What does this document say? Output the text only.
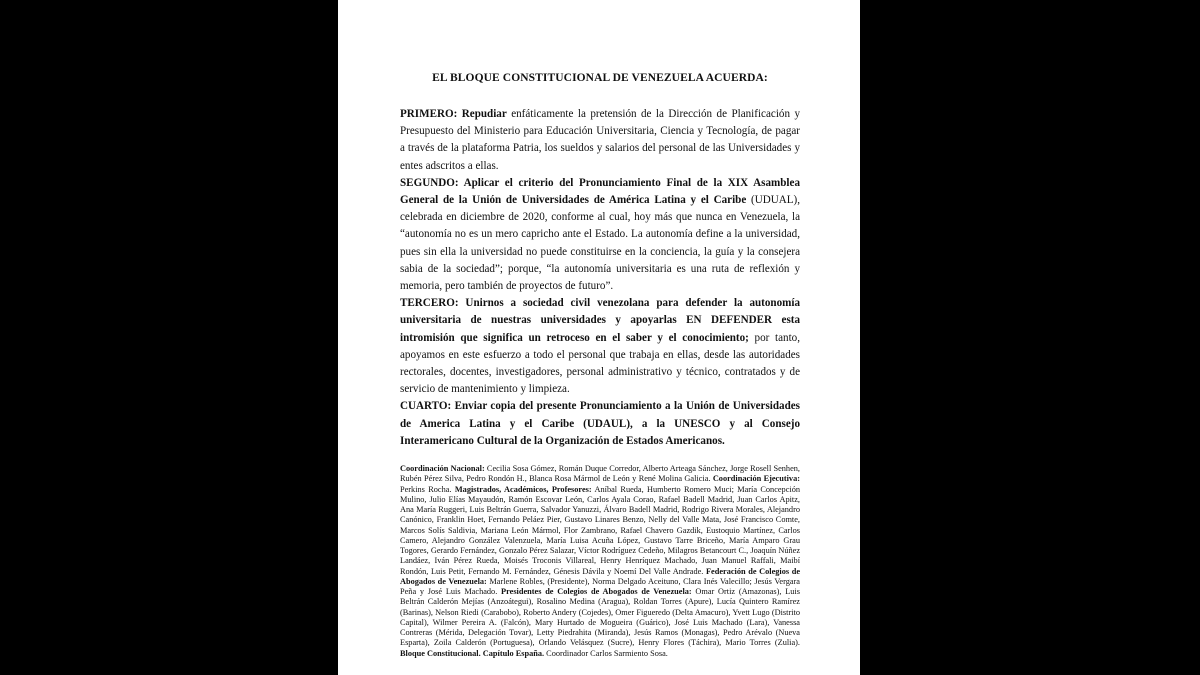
EL BLOQUE CONSTITUCIONAL DE VENEZUELA ACUERDA:

PRIMERO: Repudiar enfáticamente la pretensión de la Dirección de Planificación y Presupuesto del Ministerio para Educación Universitaria, Ciencia y Tecnología, de pagar a través de la plataforma Patria, los sueldos y salarios del personal de las Universidades y entes adscritos a ellas.

SEGUNDO: Aplicar el criterio del Pronunciamiento Final de la XIX Asamblea General de la Unión de Universidades de América Latina y el Caribe (UDUAL), celebrada en diciembre de 2020, conforme al cual, hoy más que nunca en Venezuela, la “autonomía no es un mero capricho ante el Estado. La autonomía define a la universidad, pues sin ella la universidad no puede constituirse en la conciencia, la guía y la consejera sabia de la sociedad”; porque, “la autonomía universitaria es una ruta de reflexión y memoria, pero también de proyectos de futuro”.

TERCERO: Unirnos a sociedad civil venezolana para defender la autonomía universitaria de nuestras universidades y apoyarlas EN DEFENDER esta intromisión que significa un retroceso en el saber y el conocimiento; por tanto, apoyamos en este esfuerzo a todo el personal que trabaja en ellas, desde las autoridades rectorales, docentes, investigadores, personal administrativo y técnico, contratados y de servicio de mantenimiento y limpieza.

CUARTO: Enviar copia del presente Pronunciamiento a la Unión de Universidades de America Latina y el Caribe (UDAUL), a la UNESCO y al Consejo Interamericano Cultural de la Organización de Estados Americanos.

Coordinación Nacional: Cecilia Sosa Gómez, Román Duque Corredor, Alberto Arteaga Sánchez, Jorge Rosell Senhen, Rubén Pérez Silva, Pedro Rondón H., Blanca Rosa Mármol de León y René Molina Galicia. Coordinación Ejecutiva: Perkins Rocha. Magistrados, Académicos, Profesores: Aníbal Rueda, Humberto Romero Muci; María Concepción Mulino, Julio Elías Mayaudón, Ramón Escovar León, Carlos Ayala Corao, Rafael Badell Madrid, Juan Carlos Apitz, Ana María Ruggeri, Luis Beltrán Guerra, Salvador Yanuzzi, Álvaro Badell Madrid, Rodrigo Rivera Morales, Alejandro Canónico, Franklin Hoet, Fernando Peláez Pier, Gustavo Linares Benzo, Nelly del Valle Mata, José Francisco Comte, Marcos Solís Saldivia, Mariana León Mármol, Flor Zambrano, Rafael Chavero Gazdik, Eustoquio Martínez, Carlos Camero, Alejandro González Valenzuela, María Luisa Acuña López, Gustavo Tarre Briceño, María Amparo Grau Togores, Gerardo Fernández, Gonzalo Pérez Salazar, Víctor Rodríguez Cedeño, Milagros Betancourt C., Joaquín Núñez Landáez, Iván Pérez Rueda, Moisés Troconis Villareal, Henry Henríquez Machado, Juan Manuel Raffali, Maibí Rondón, Luis Petit, Fernando M. Fernández, Génesis Dávila y Noemí Del Valle Andrade. Federación de Colegios de Abogados de Venezuela: Marlene Robles, (Presidente), Norma Delgado Aceituno, Clara Inés Valecillo; Jesús Vergara Peña y José Luis Machado. Presidentes de Colegios de Abogados de Venezuela: Omar Ortiz (Amazonas), Luis Beltrán Calderón Mejías (Anzoátegui), Rosalino Medina (Aragua), Roldan Torres (Apure), Lucía Quintero Ramírez (Barinas), Nelson Riedi (Carabobo), Roberto Andery (Cojedes), Omer Figueredo (Delta Amacuro), Yvett Lugo (Distrito Capital), Wilmer Pereira A. (Falcón), Mary Hurtado de Mogueira (Guárico), José Luis Machado (Lara), Vanessa Contreras (Mérida, Delegación Tovar), Letty Piedrahita (Miranda), Jesús Ramos (Monagas), Pedro Arévalo (Nueva Esparta), Zoila Calderón (Portuguesa), Orlando Velásquez (Sucre), Henry Flores (Táchira), Mario Torres (Zulia). Bloque Constitucional. Capítulo España. Coordinador Carlos Sarmiento Sosa.
